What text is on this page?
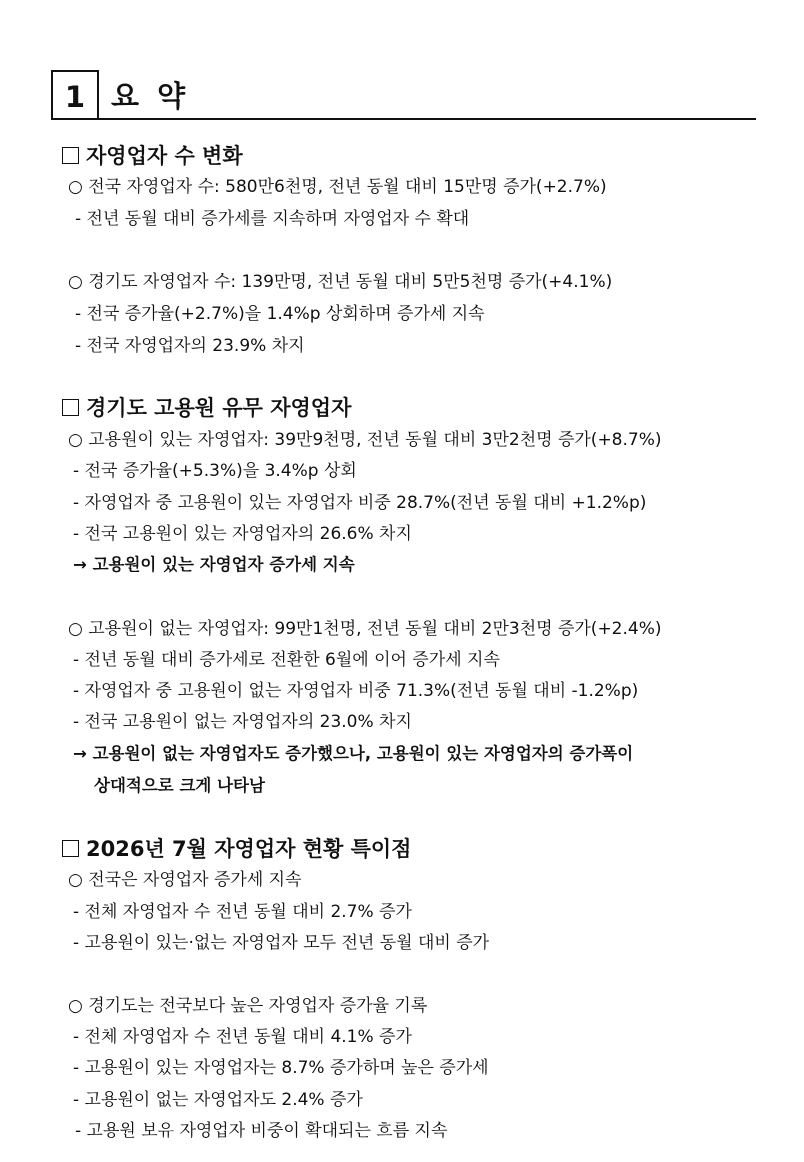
1 요 약
자영업자 수 변화
○ 전국 자영업자 수: 580만6천명, 전년 동월 대비 15만명 증가(+2.7%)
- 전년 동월 대비 증가세를 지속하며 자영업자 수 확대
○ 경기도 자영업자 수: 139만명, 전년 동월 대비 5만5천명 증가(+4.1%)
- 전국 증가율(+2.7%)을 1.4%p 상회하며 증가세 지속
- 전국 자영업자의 23.9% 차지
경기도 고용원 유무 자영업자
○ 고용원이 있는 자영업자: 39만9천명, 전년 동월 대비 3만2천명 증가(+8.7%)
- 전국 증가율(+5.3%)을 3.4%p 상회
- 자영업자 중 고용원이 있는 자영업자 비중 28.7%(전년 동월 대비 +1.2%p)
- 전국 고용원이 있는 자영업자의 26.6% 차지
→ 고용원이 있는 자영업자 증가세 지속
○ 고용원이 없는 자영업자: 99만1천명, 전년 동월 대비 2만3천명 증가(+2.4%)
- 전년 동월 대비 증가세로 전환한 6월에 이어 증가세 지속
- 자영업자 중 고용원이 없는 자영업자 비중 71.3%(전년 동월 대비 -1.2%p)
- 전국 고용원이 없는 자영업자의 23.0% 차지
→ 고용원이 없는 자영업자도 증가했으나, 고용원이 있는 자영업자의 증가폭이
상대적으로 크게 나타남
2026년 7월 자영업자 현황 특이점
○ 전국은 자영업자 증가세 지속
- 전체 자영업자 수 전년 동월 대비 2.7% 증가
- 고용원이 있는·없는 자영업자 모두 전년 동월 대비 증가
○ 경기도는 전국보다 높은 자영업자 증가율 기록
- 전체 자영업자 수 전년 동월 대비 4.1% 증가
- 고용원이 있는 자영업자는 8.7% 증가하며 높은 증가세
- 고용원이 없는 자영업자도 2.4% 증가
- 고용원 보유 자영업자 비중이 확대되는 흐름 지속
